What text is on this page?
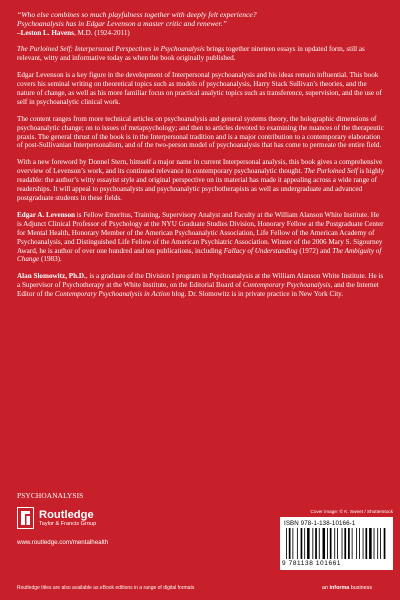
“Who else combines so much playfulness together with deeply felt experience?
Psychoanalysis has in Edgar Levenson a master critic and renewer.”
–Leston L. Havens, M.D. (1924-2011)

The Purloined Self: Interpersonal Perspectives in Psychoanalysis brings together nineteen essays in updated form, still as relevant, witty and informative today as when the book originally published.

Edgar Levenson is a key figure in the development of Interpersonal psychoanalysis and his ideas remain influential. This book covers his seminal writing on theoretical topics such as models of psychoanalysis, Harry Stack Sullivan’s theories, and the nature of change, as well as his more familiar focus on practical analytic topics such as transference, supervision, and the use of self in psychoanalytic clinical work.

The content ranges from more technical articles on psychoanalysis and general systems theory, the holographic dimensions of psychoanalytic change; on to issues of metapsychology; and then to articles devoted to examining the nuances of the therapeutic praxis. The general thrust of the book is in the Interpersonal tradition and is a major contribution to a contemporary elaboration of post-Sullivanian Interpersonalism, and of the two-person model of psychoanalysis that has come to permeate the entire field.

With a new foreword by Donnel Stern, himself a major name in current Interpersonal analysis, this book gives a comprehensive overview of Levenson’s work, and its continued relevance in contemporary psychoanalytic thought. The Purloined Self is highly readable: the author’s witty essayist style and original perspective on its material has made it appealing across a wide range of readerships. It will appeal to psychoanalysts and psychoanalytic psychotherapists as well as undergraduate and advanced postgraduate students in these fields.

Edgar A. Levenson is Fellow Emeritus, Training, Supervisory Analyst and Faculty at the William Alanson White Institute. He is Adjunct Clinical Professor of Psychology at the NYU Graduate Studies Division, Honorary Fellow at the Postgraduate Center for Mental Health, Honorary Member of the American Psychoanalytic Association, Life Fellow of the American Academy of Psychoanalysis, and Distinguished Life Fellow of the American Psychiatric Association. Winner of the 2006 Mary S. Sigourney Award, he is author of over one hundred and ten publications, including Fallacy of Understanding (1972) and The Ambiguity of Change (1983).

Alan Slomowitz, Ph.D., is a graduate of the Division I program in Psychoanalysis at the William Alanson White Institute. He is a Supervisor of Psychotherapy at the White Institute, on the Editorial Board of Contemporary Psychoanalysis, and the Internet Editor of the Contemporary Psychoanalysis in Action blog. Dr. Slomowitz is in private practice in New York City.

PSYCHOANALYSIS
Routledge
Taylor & Francis Group
www.routledge.com/mentalhealth
Routledge titles are also available as eBook editions in a range of digital formats
Cover image: © K. Sweet / Shutterstock
ISBN 978-1-138-10166-1
9 781138 101661
an informa business
